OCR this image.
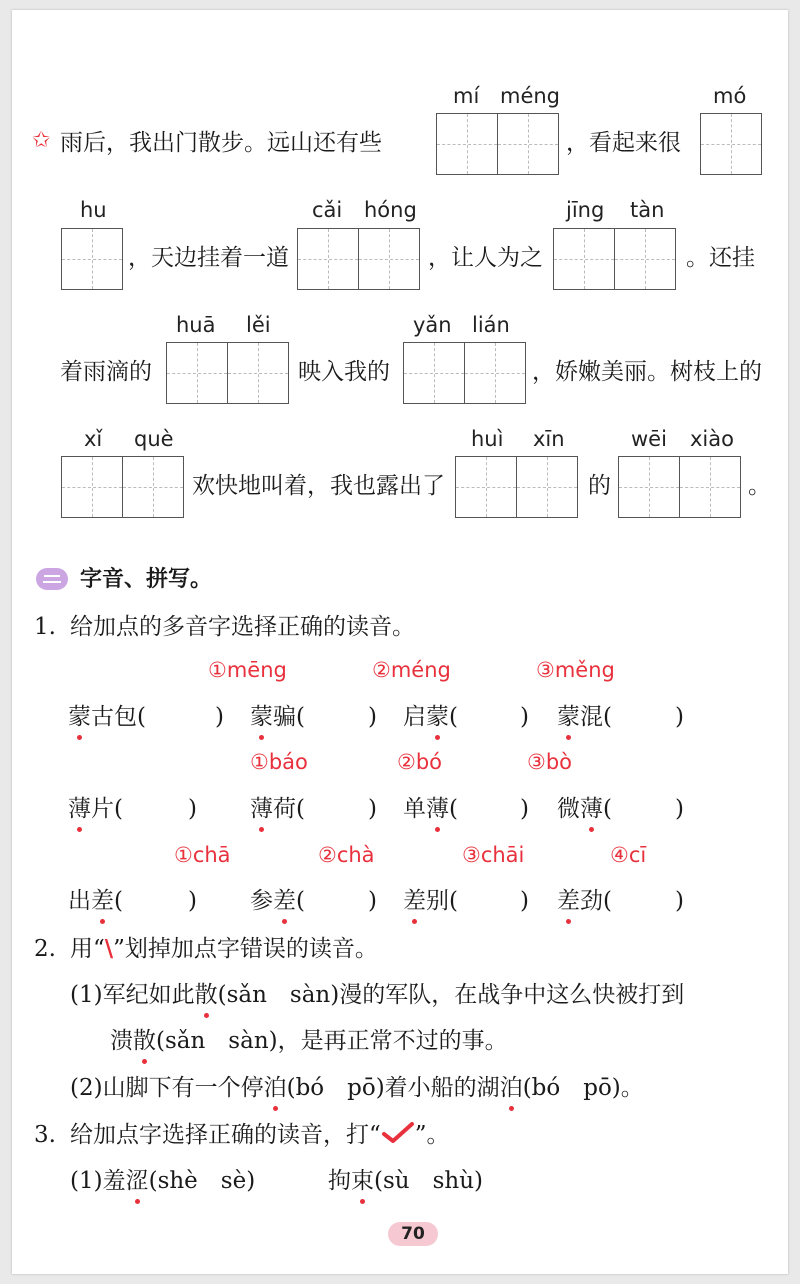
✩ 雨后，我出门散步。远山还有些
mí méng
，看起来很
mó
hu
，天边挂着一道
cǎi hóng
，让人为之
jīng tàn
。还挂
着雨滴的
huā lěi
映入我的
yǎn lián
，娇嫩美丽。树枝上的
xǐ què
欢快地叫着，我也露出了
huì xīn
的
wēi xiào
。
字音、拼写。
1. 给加点的多音字选择正确的读音。
①mēng	②méng	③měng
蒙古包(	) 蒙骗(	) 启蒙(	) 蒙混(	)
①báo	②bó	③bò
薄片(	) 薄荷(	) 单薄(	) 微薄(	)
①chā	②chà	③chāi	④cī
出差(	) 参差(	) 差别(	) 差劲(	)
2. 用“\”划掉加点字错误的读音。
(1)军纪如此散(sǎn　sàn)漫的军队，在战争中这么快被打到
溃散(sǎn　sàn)，是再正常不过的事。
(2)山脚下有一个停泊(bó　pō)着小船的湖泊(bó　pō)。
3. 给加点字选择正确的读音，打“ ”。
(1)羞涩(shè　sè)	拘束(sù　shù)
70
